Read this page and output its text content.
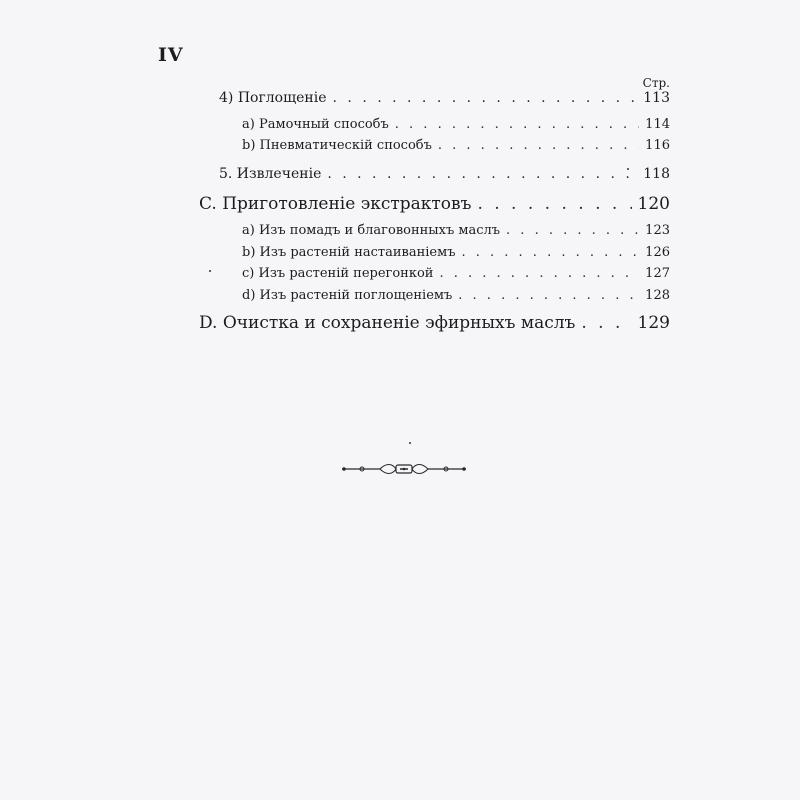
IV
Стр.
4) Поглощеніе . . .	113
a) Рамочный способъ . . .	114
b) Пневматическій способъ . . .	116
5. Извлеченіе . . .	118
C. Приготовленіе экстрактовъ . . .	120
a) Изъ помадъ и благовонныхъ маслъ . . .	123
b) Изъ растеній настаиваніемъ . . .	126
c) Изъ растеній перегонкой . . .	127
d) Изъ растеній поглощеніемъ . . .	128
D. Очистка и сохраненіе эфирныхъ маслъ . . .	129
